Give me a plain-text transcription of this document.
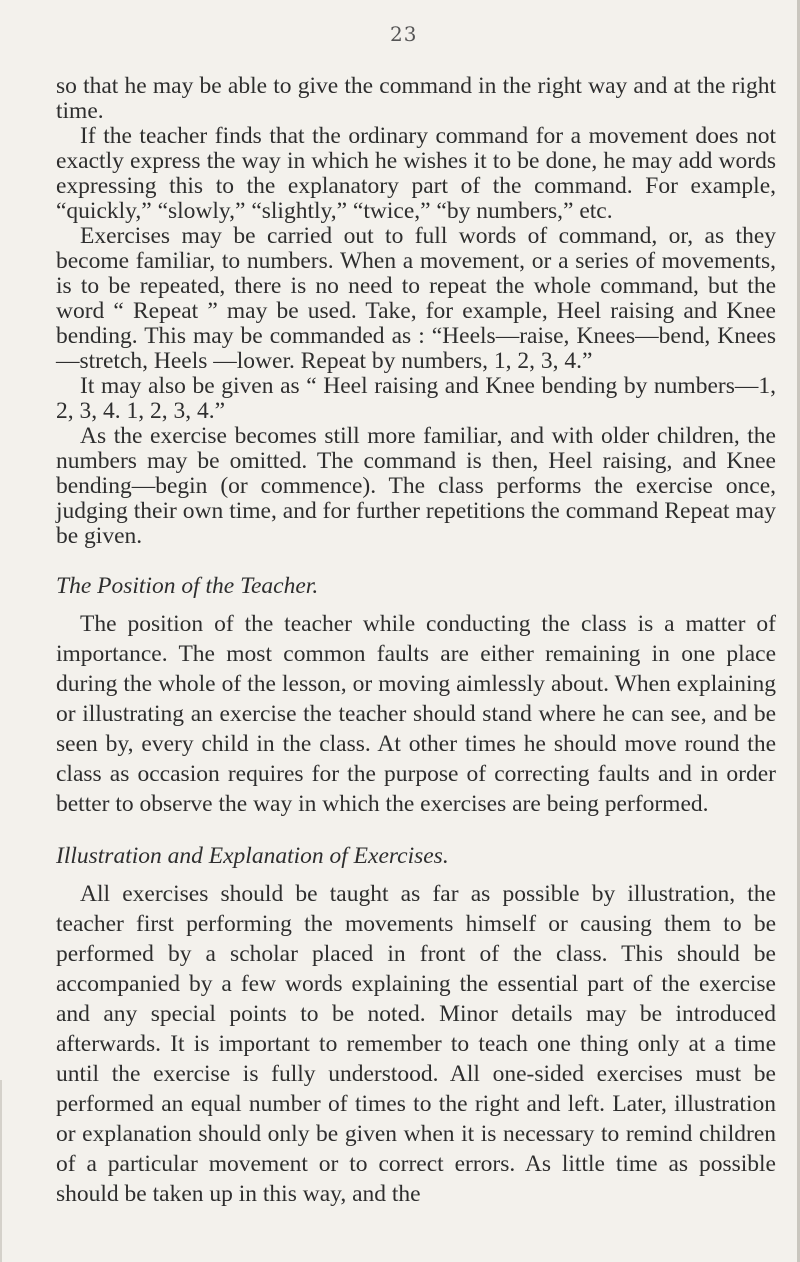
23

so that he may be able to give the command in the right way and at the right time.

If the teacher finds that the ordinary command for a movement does not exactly express the way in which he wishes it to be done, he may add words expressing this to the explanatory part of the command. For example, “quickly,” “slowly,” “slightly,” “twice,” “by numbers,” etc.

Exercises may be carried out to full words of command, or, as they become familiar, to numbers. When a movement, or a series of movements, is to be repeated, there is no need to repeat the whole command, but the word “ Repeat ” may be used. Take, for example, Heel raising and Knee bending. This may be commanded as : “Heels—raise, Knees—bend, Knees—stretch, Heels —lower. Repeat by numbers, 1, 2, 3, 4.”

It may also be given as “ Heel raising and Knee bending by numbers—1, 2, 3, 4. 1, 2, 3, 4.”

As the exercise becomes still more familiar, and with older children, the numbers may be omitted. The command is then, Heel raising, and Knee bending—begin (or commence). The class performs the exercise once, judging their own time, and for further repetitions the command Repeat may be given.

The Position of the Teacher.

The position of the teacher while conducting the class is a matter of importance. The most common faults are either remaining in one place during the whole of the lesson, or moving aimlessly about. When explaining or illustrating an exercise the teacher should stand where he can see, and be seen by, every child in the class. At other times he should move round the class as occasion requires for the purpose of correcting faults and in order better to observe the way in which the exercises are being performed.

Illustration and Explanation of Exercises.

All exercises should be taught as far as possible by illustration, the teacher first performing the movements himself or causing them to be performed by a scholar placed in front of the class. This should be accompanied by a few words explaining the essential part of the exercise and any special points to be noted. Minor details may be introduced afterwards. It is important to remember to teach one thing only at a time until the exercise is fully understood. All one-sided exercises must be performed an equal number of times to the right and left. Later, illustration or explanation should only be given when it is necessary to remind children of a particular movement or to correct errors. As little time as possible should be taken up in this way, and the
